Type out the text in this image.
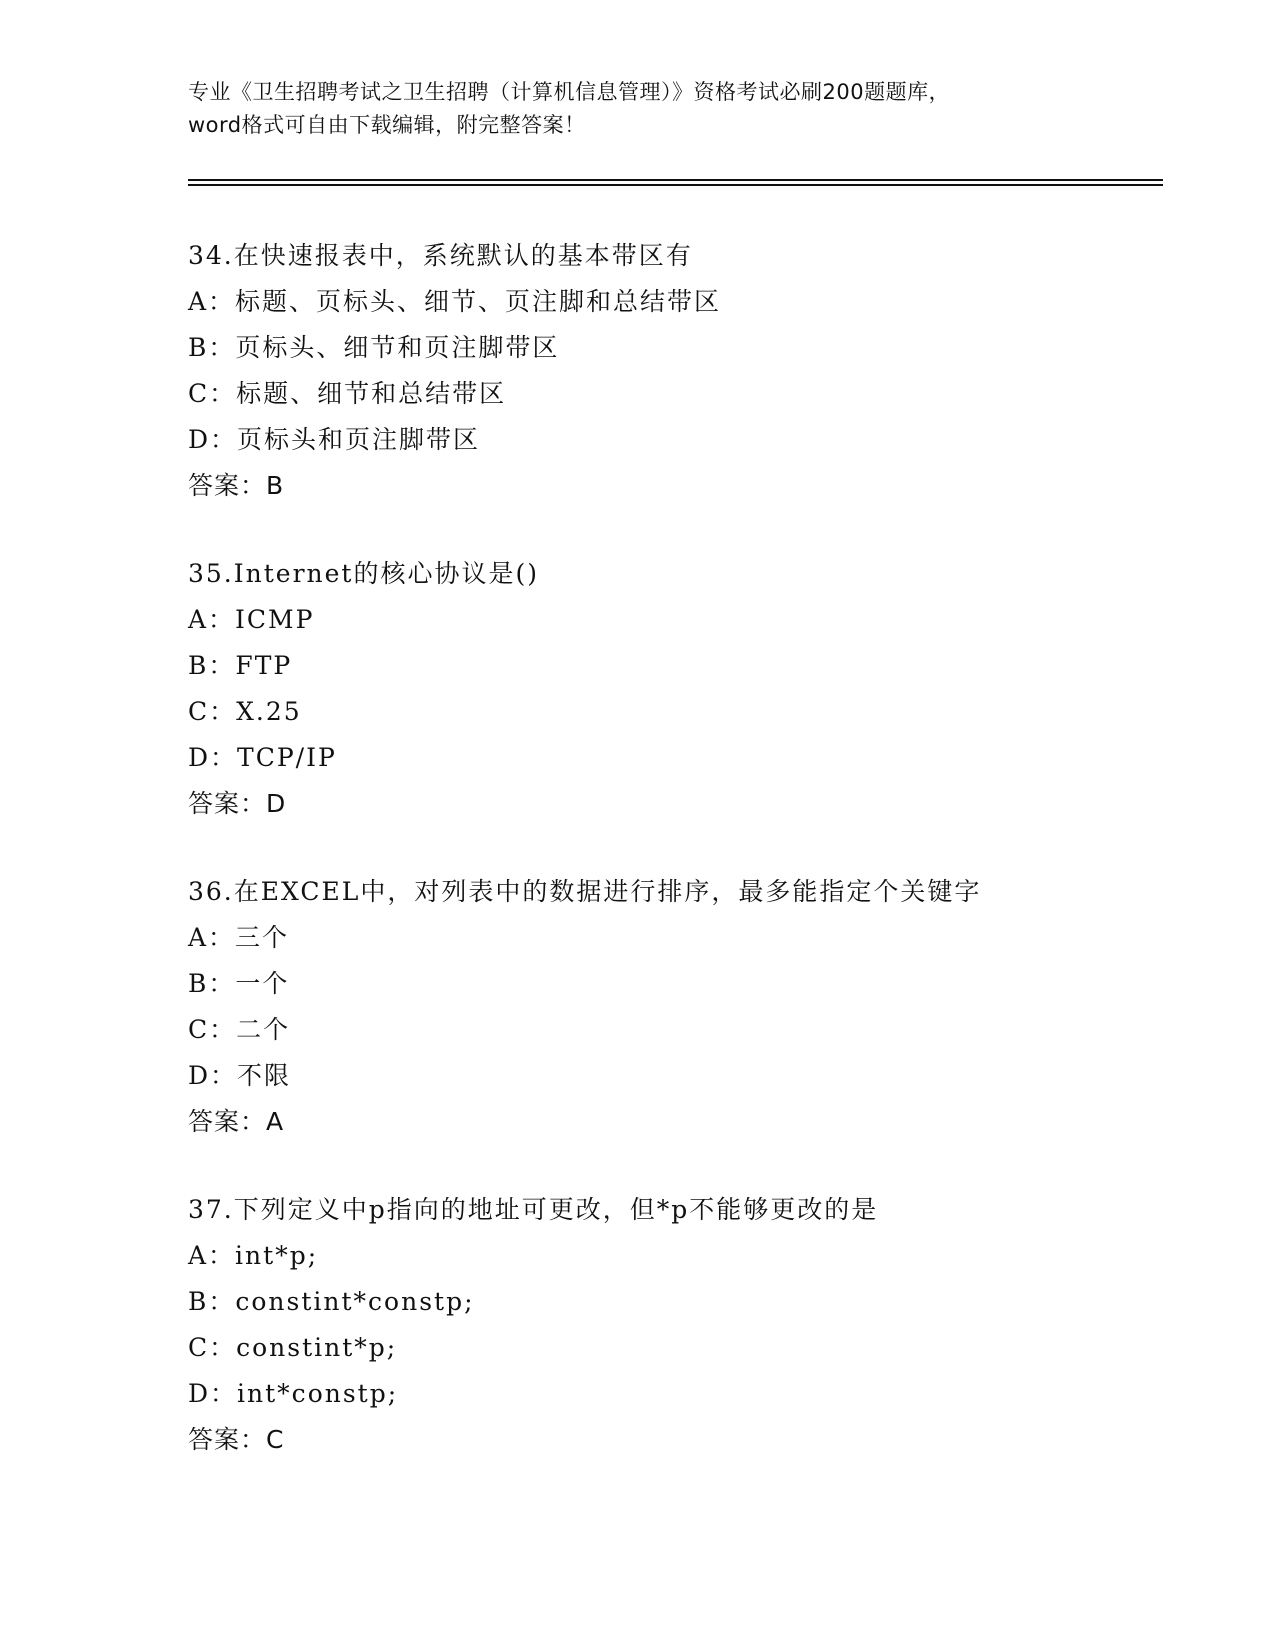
专业《卫生招聘考试之卫生招聘（计算机信息管理）》资格考试必刷200题题库，
word格式可自由下载编辑，附完整答案！
34.在快速报表中，系统默认的基本带区有
A：标题、页标头、细节、页注脚和总结带区
B：页标头、细节和页注脚带区
C：标题、细节和总结带区
D：页标头和页注脚带区
答案：B
35.Internet的核心协议是()
A：ICMP
B：FTP
C：X.25
D：TCP/IP
答案：D
36.在EXCEL中，对列表中的数据进行排序，最多能指定个关键字
A：三个
B：一个
C：二个
D：不限
答案：A
37.下列定义中p指向的地址可更改，但*p不能够更改的是
A：int*p;
B：constint*constp;
C：constint*p;
D：int*constp;
答案：C
